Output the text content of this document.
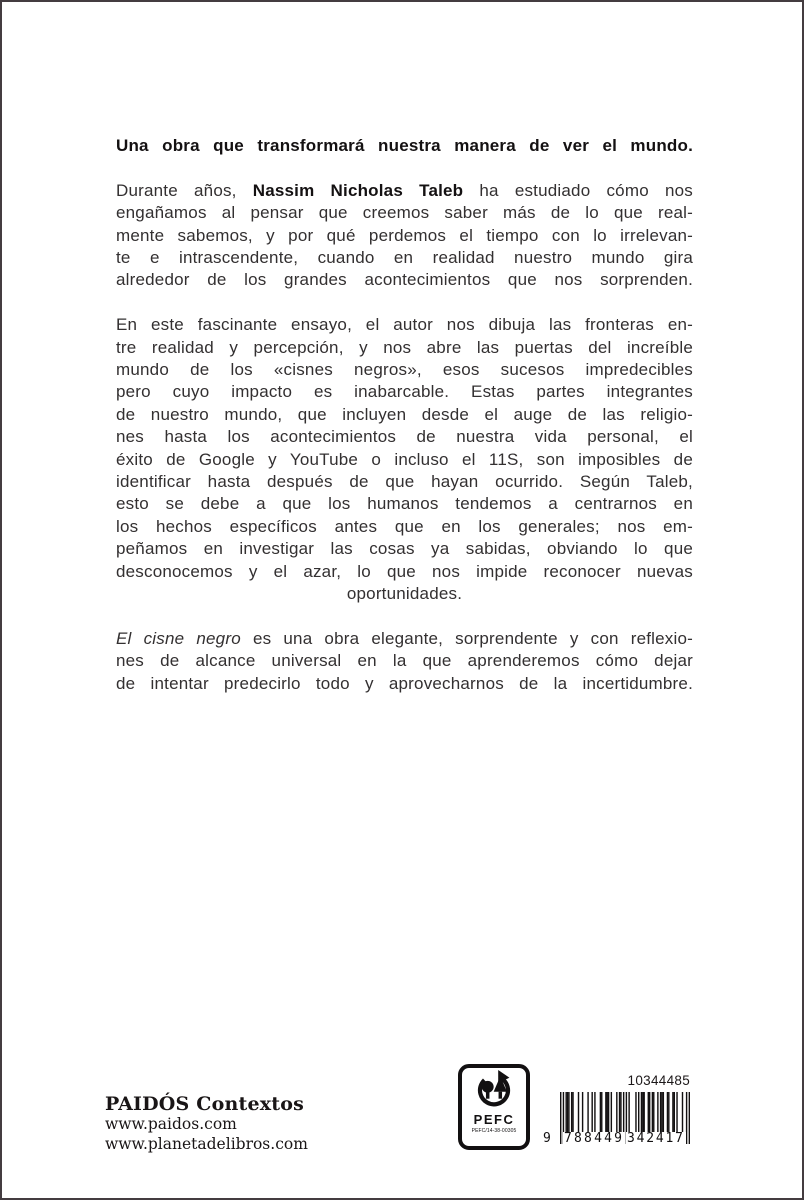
Una obra que transformará nuestra manera de ver el mundo.
Durante años, Nassim Nicholas Taleb ha estudiado cómo nos
engañamos al pensar que creemos saber más de lo que real-
mente sabemos, y por qué perdemos el tiempo con lo irrelevan-
te e intrascendente, cuando en realidad nuestro mundo gira
alrededor de los grandes acontecimientos que nos sorprenden.
En este fascinante ensayo, el autor nos dibuja las fronteras en-
tre realidad y percepción, y nos abre las puertas del increíble
mundo de los «cisnes negros», esos sucesos impredecibles
pero cuyo impacto es inabarcable. Estas partes integrantes
de nuestro mundo, que incluyen desde el auge de las religio-
nes hasta los acontecimientos de nuestra vida personal, el
éxito de Google y YouTube o incluso el 11S, son imposibles de
identificar hasta después de que hayan ocurrido. Según Taleb,
esto se debe a que los humanos tendemos a centrarnos en
los hechos específicos antes que en los generales; nos em-
peñamos en investigar las cosas ya sabidas, obviando lo que
desconocemos y el azar, lo que nos impide reconocer nuevas
oportunidades.
El cisne negro es una obra elegante, sorprendente y con reflexio-
nes de alcance universal en la que aprenderemos cómo dejar
de intentar predecirlo todo y aprovecharnos de la incertidumbre.
PAIDÓS Contextos
www.paidos.com
www.planetadelibros.com
PEFC
PEFC/14-38-00305
10344485
9 788449 342417
